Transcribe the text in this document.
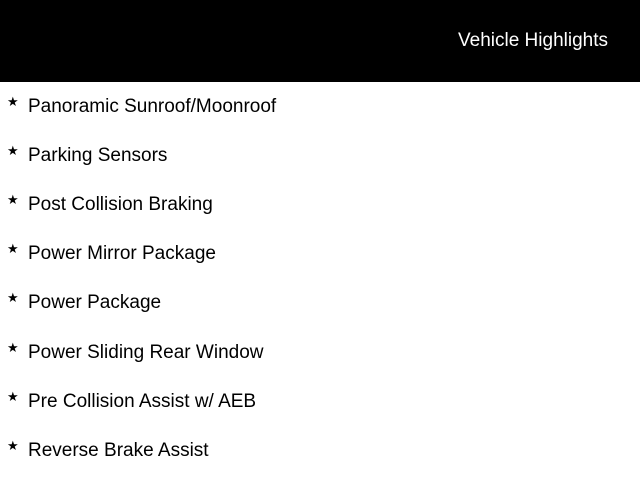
Vehicle Highlights
★ Panoramic Sunroof/Moonroof
★ Parking Sensors
★ Post Collision Braking
★ Power Mirror Package
★ Power Package
★ Power Sliding Rear Window
★ Pre Collision Assist w/ AEB
★ Reverse Brake Assist
